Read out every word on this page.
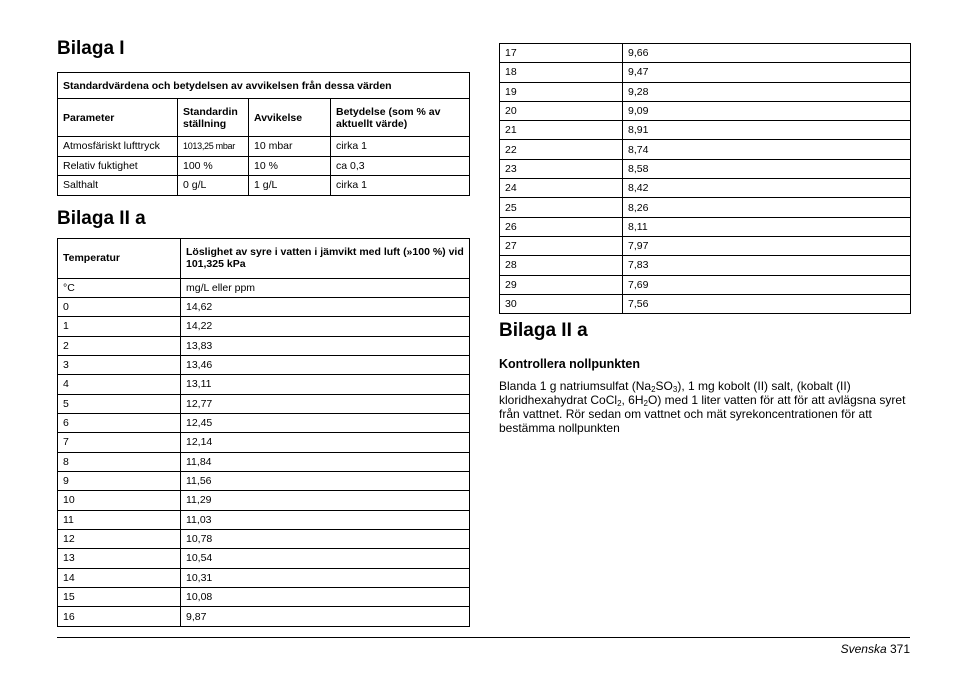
Bilaga I
Standardvärdena och betydelsen av avvikelsen från dessa värden			
Parameter	Standardin ställning	Avvikelse	Betydelse (som % av aktuellt värde)
Atmosfäriskt lufttryck	1013,25 mbar	10 mbar	cirka 1
Relativ fuktighet	100 %	10 %	ca 0,3
Salthalt	0 g/L	1 g/L	cirka 1
Bilaga II a
Temperatur	Löslighet av syre i vatten i jämvikt med luft (»100 %) vid 101,325 kPa
°C	mg/L eller ppm
0	14,62
1	14,22
2	13,83
3	13,46
4	13,11
5	12,77
6	12,45
7	12,14
8	11,84
9	11,56
10	11,29
11	11,03
12	10,78
13	10,54
14	10,31
15	10,08
16	9,87
17	9,66
18	9,47
19	9,28
20	9,09
21	8,91
22	8,74
23	8,58
24	8,42
25	8,26
26	8,11
27	7,97
28	7,83
29	7,69
30	7,56
Bilaga II a
Kontrollera nollpunkten

Blanda 1 g natriumsulfat $(Na_2SO_3)$, 1 mg kobolt (II) salt, (kobalt (II) kloridhexahydrat CoCl$_2$, $6H_2O$) med 1 liter vatten för att för att avlägsna syret från vattnet. Rör sedan om vattnet och mät syrekoncentrationen för att bestämma nollpunkten

Svenska 371
